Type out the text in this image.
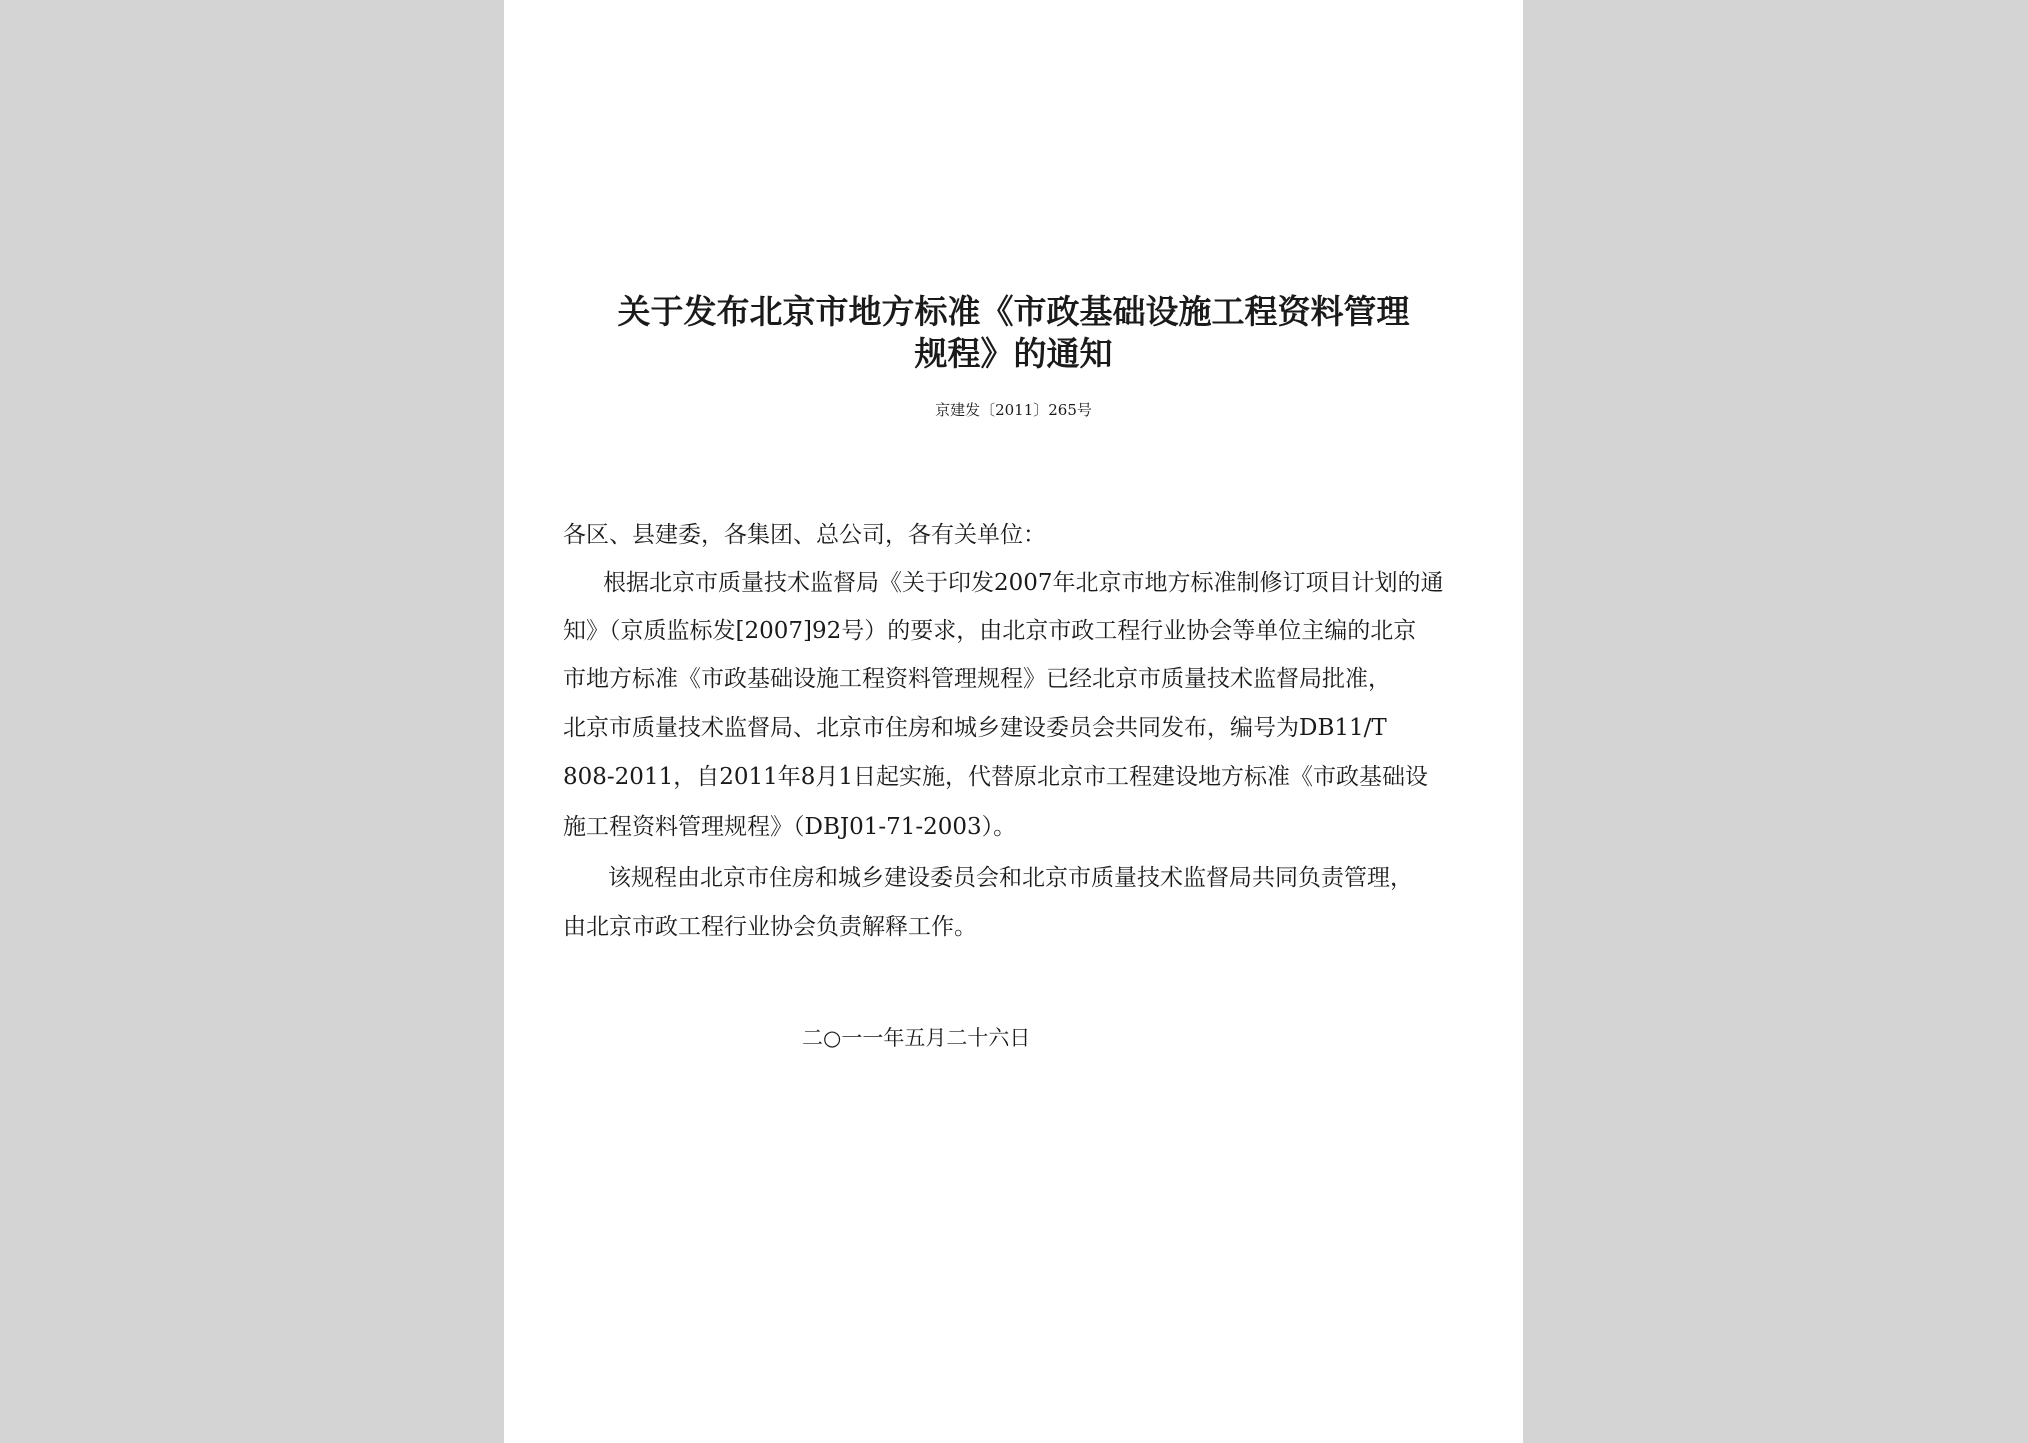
关于发布北京市地方标准《市政基础设施工程资料管理
规程》的通知
京建发〔2011〕265号
各区、县建委，各集团、总公司，各有关单位：
根据北京市质量技术监督局《关于印发2007年北京市地方标准制修订项目计划的通
知》（京质监标发[2007]92号）的要求，由北京市政工程行业协会等单位主编的北京
市地方标准《市政基础设施工程资料管理规程》已经北京市质量技术监督局批准，
北京市质量技术监督局、北京市住房和城乡建设委员会共同发布，编号为DB11/T
808-2011，自2011年8月1日起实施，代替原北京市工程建设地方标准《市政基础设
施工程资料管理规程》（DBJ01-71-2003）。
该规程由北京市住房和城乡建设委员会和北京市质量技术监督局共同负责管理，
由北京市政工程行业协会负责解释工作。
二○一一年五月二十六日
